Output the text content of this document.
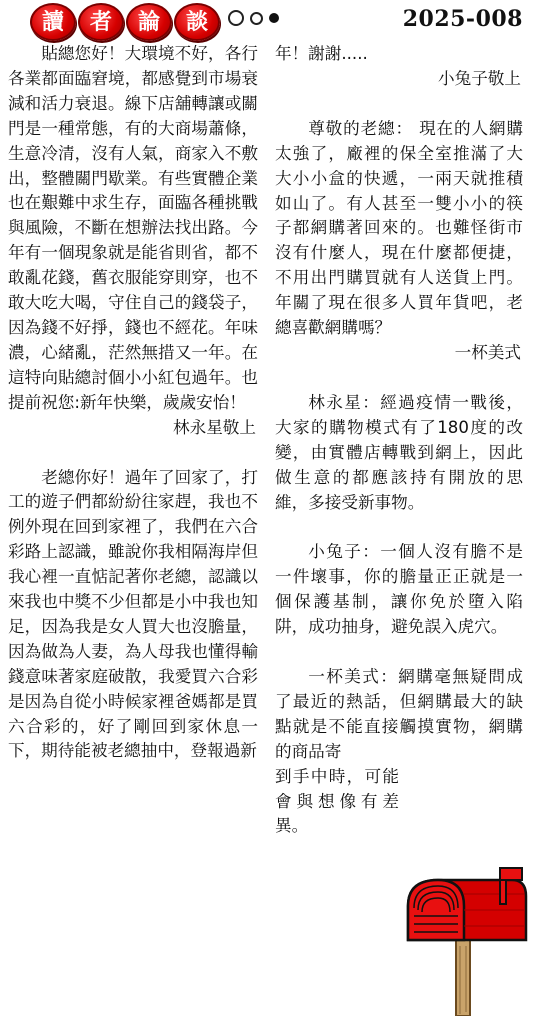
讀	者	論	談	2025-008

貼總您好！大環境不好，各行各業都面臨窘境，都感覺到市場衰減和活力衰退。線下店舖轉讓或關門是一種常態，有的大商場蕭條，生意冷清，沒有人氣，商家入不敷出，整體關門歇業。有些實體企業也在艱難中求生存，面臨各種挑戰與風險，不斷在想辦法找出路。今年有一個現象就是能省則省，都不敢亂花錢，舊衣服能穿則穿，也不敢大吃大喝，守住自己的錢袋子，因為錢不好掙，錢也不經花。年味濃，心緒亂，茫然無措又一年。在這特向貼總討個小小紅包過年。也提前祝您:新年快樂，歲歲安怡！

林永星敬上

老總你好！過年了回家了，打工的遊子們都紛紛往家趕，我也不例外現在回到家裡了，我們在六合彩路上認識，雖說你我相隔海岸但我心裡一直惦記著你老總，認識以來我也中獎不少但都是小中我也知足，因為我是女人買大也沒膽量，因為做為人妻，為人母我也懂得輸錢意味著家庭破散，我愛買六合彩是因為自從小時候家裡爸媽都是買六合彩的，好了剛回到家休息一下，期待能被老總抽中，登報過新

年！謝謝.....

小兔子敬上

尊敬的老總： 現在的人網購太強了，廠裡的保全室推滿了大大小小盒的快遞，一兩天就推積如山了。有人甚至一雙小小的筷子都網購著回來的。也難怪街市沒有什麼人，現在什麼都便捷，不用出門購買就有人送貨上門。年關了現在很多人買年貨吧，老總喜歡網購嗎？

一杯美式

林永星：經過疫情一戰後，大家的購物模式有了180度的改變，由實體店轉戰到網上，因此做生意的都應該持有開放的思維，多接受新事物。

小兔子：一個人沒有膽不是一件壞事，你的膽量正正就是一個保護基制，讓你免於墮入陷阱，成功抽身，避免誤入虎穴。

一杯美式：網購毫無疑問成了最近的熱話，但網購最大的缺點就是不能直接觸摸實物，網購的商品寄

到手中時，可能會與想像有差異。
